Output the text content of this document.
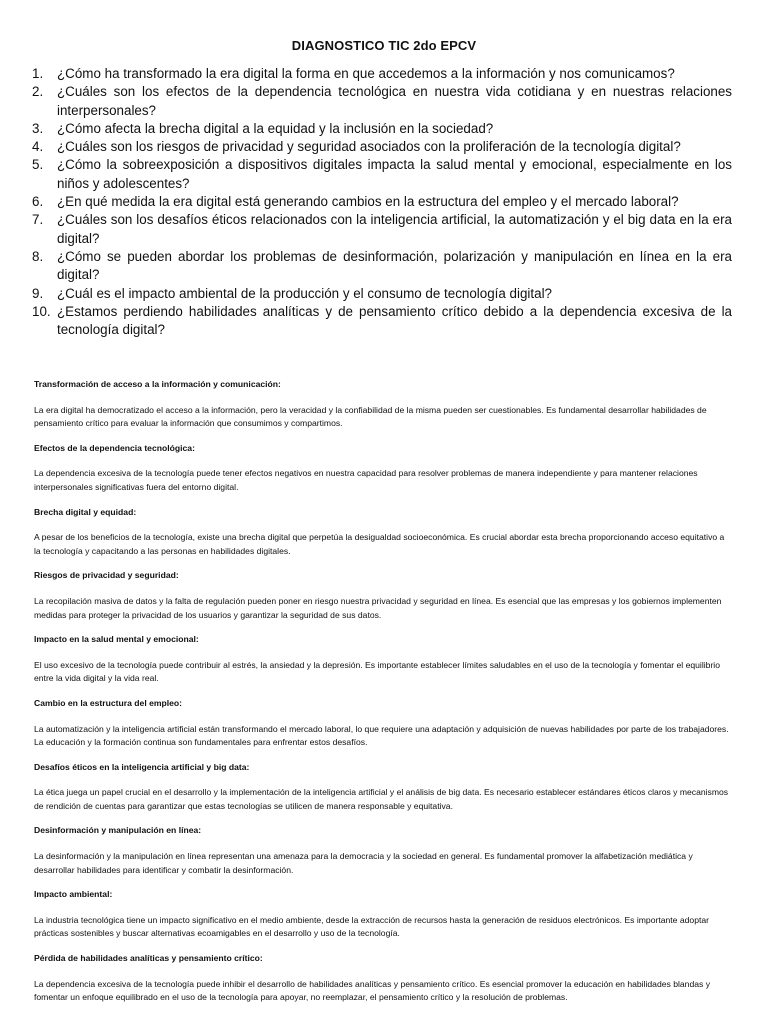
DIAGNOSTICO TIC 2do EPCV
1. ¿Cómo ha transformado la era digital la forma en que accedemos a la información y nos comunicamos?
2. ¿Cuáles son los efectos de la dependencia tecnológica en nuestra vida cotidiana y en nuestras relaciones interpersonales?
3. ¿Cómo afecta la brecha digital a la equidad y la inclusión en la sociedad?
4. ¿Cuáles son los riesgos de privacidad y seguridad asociados con la proliferación de la tecnología digital?
5. ¿Cómo la sobreexposición a dispositivos digitales impacta la salud mental y emocional, especialmente en los niños y adolescentes?
6. ¿En qué medida la era digital está generando cambios en la estructura del empleo y el mercado laboral?
7. ¿Cuáles son los desafíos éticos relacionados con la inteligencia artificial, la automatización y el big data en la era digital?
8. ¿Cómo se pueden abordar los problemas de desinformación, polarización y manipulación en línea en la era digital?
9. ¿Cuál es el impacto ambiental de la producción y el consumo de tecnología digital?
10. ¿Estamos perdiendo habilidades analíticas y de pensamiento crítico debido a la dependencia excesiva de la tecnología digital?

Transformación de acceso a la información y comunicación:

La era digital ha democratizado el acceso a la información, pero la veracidad y la confiabilidad de la misma pueden ser cuestionables. Es fundamental desarrollar habilidades de pensamiento crítico para evaluar la información que consumimos y compartimos.

Efectos de la dependencia tecnológica:

La dependencia excesiva de la tecnología puede tener efectos negativos en nuestra capacidad para resolver problemas de manera independiente y para mantener relaciones interpersonales significativas fuera del entorno digital.

Brecha digital y equidad:

A pesar de los beneficios de la tecnología, existe una brecha digital que perpetúa la desigualdad socioeconómica. Es crucial abordar esta brecha proporcionando acceso equitativo a la tecnología y capacitando a las personas en habilidades digitales.

Riesgos de privacidad y seguridad:

La recopilación masiva de datos y la falta de regulación pueden poner en riesgo nuestra privacidad y seguridad en línea. Es esencial que las empresas y los gobiernos implementen medidas para proteger la privacidad de los usuarios y garantizar la seguridad de sus datos.

Impacto en la salud mental y emocional:

El uso excesivo de la tecnología puede contribuir al estrés, la ansiedad y la depresión. Es importante establecer límites saludables en el uso de la tecnología y fomentar el equilibrio entre la vida digital y la vida real.

Cambio en la estructura del empleo:

La automatización y la inteligencia artificial están transformando el mercado laboral, lo que requiere una adaptación y adquisición de nuevas habilidades por parte de los trabajadores. La educación y la formación continua son fundamentales para enfrentar estos desafíos.

Desafíos éticos en la inteligencia artificial y big data:

La ética juega un papel crucial en el desarrollo y la implementación de la inteligencia artificial y el análisis de big data. Es necesario establecer estándares éticos claros y mecanismos de rendición de cuentas para garantizar que estas tecnologías se utilicen de manera responsable y equitativa.

Desinformación y manipulación en línea:

La desinformación y la manipulación en línea representan una amenaza para la democracia y la sociedad en general. Es fundamental promover la alfabetización mediática y desarrollar habilidades para identificar y combatir la desinformación.

Impacto ambiental:

La industria tecnológica tiene un impacto significativo en el medio ambiente, desde la extracción de recursos hasta la generación de residuos electrónicos. Es importante adoptar prácticas sostenibles y buscar alternativas ecoamigables en el desarrollo y uso de la tecnología.

Pérdida de habilidades analíticas y pensamiento crítico:

La dependencia excesiva de la tecnología puede inhibir el desarrollo de habilidades analíticas y pensamiento crítico. Es esencial promover la educación en habilidades blandas y fomentar un enfoque equilibrado en el uso de la tecnología para apoyar, no reemplazar, el pensamiento crítico y la resolución de problemas.
